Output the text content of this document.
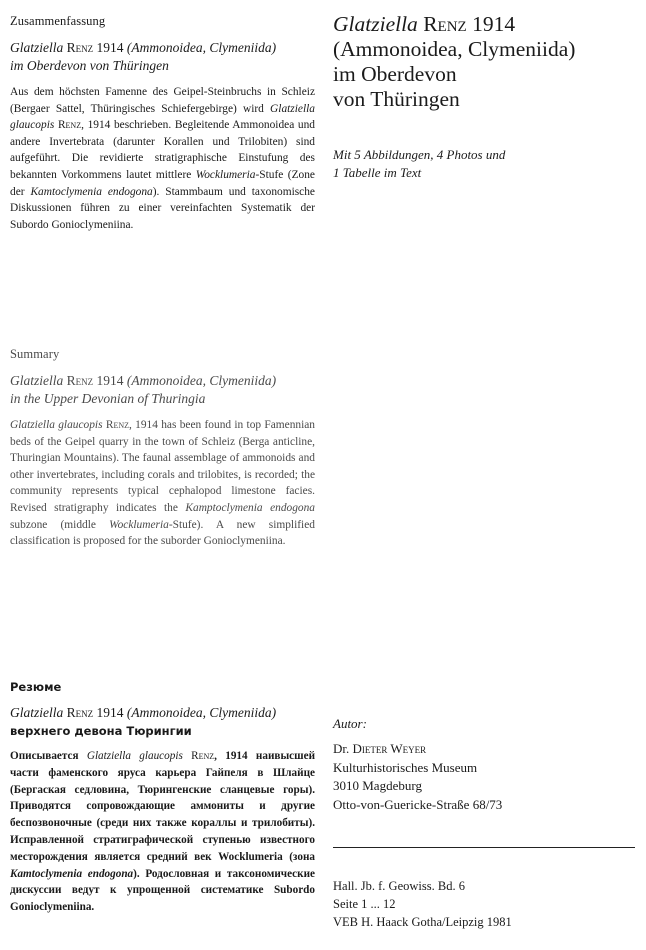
Zusammenfassung

Glatziella Renz 1914 (Ammonoidea, Clymeniida)
im Oberdevon von Thüringen

Aus dem höchsten Famenne des Geipel-Steinbruchs in Schleiz (Bergaer Sattel, Thüringisches Schiefergebirge) wird Glatziella glaucopis Renz, 1914 beschrieben. Begleitende Ammonoidea und andere Invertebrata (darunter Korallen und Trilobiten) sind aufgeführt. Die revidierte stratigraphische Einstufung des bekannten Vorkommens lautet mittlere Wocklumeria-Stufe (Zone der Kamtoclymenia endogona). Stammbaum und taxonomische Diskussionen führen zu einer vereinfachten Systematik der Subordo Gonioclymeniina.

Summary

Glatziella Renz 1914 (Ammonoidea, Clymeniida)
in the Upper Devonian of Thuringia

Glatziella glaucopis Renz, 1914 has been found in top Famennian beds of the Geipel quarry in the town of Schleiz (Berga anticline, Thuringian Mountains). The faunal assemblage of ammonoids and other invertebrates, including corals and trilobites, is recorded; the community represents typical cephalopod limestone facies. Revised stratigraphy indicates the Kamptoclymenia endogona subzone (middle Wocklumeria-Stufe). A new simplified classification is proposed for the suborder Gonioclymeniina.

Резюме

Glatziella Renz 1914 (Ammonoidea, Clymeniida)
верхнего девона Тюрингии

Описывается Glatziella glaucopis Renz, 1914 наивысшей части фаменского яруса карьера Гайпеля в Шлайце (Бергаская седловина, Тюрингенские сланцевые горы). Приводятся сопровождающие аммониты и другие беспозвоночные (среди них также кораллы и трилобиты). Исправленной стратиграфической ступенью известного месторождения является средний век Wocklumeria (зона Kamtoclymenia endogona). Родословная и таксономические дискуссии ведут к упрощенной систематике Subordo Gonioclymeniina.

Glatziella Renz 1914
(Ammonoidea, Clymeniida)
im Oberdevon
von Thüringen

Mit 5 Abbildungen, 4 Photos und
1 Tabelle im Text

Autor:

Dr. Dieter Weyer

Kulturhistorisches Museum

3010 Magdeburg

Otto-von-Guericke-Straße 68/73

Hall. Jb. f. Geowiss. Bd. 6

Seite 1 ... 12

VEB H. Haack Gotha/Leipzig 1981
